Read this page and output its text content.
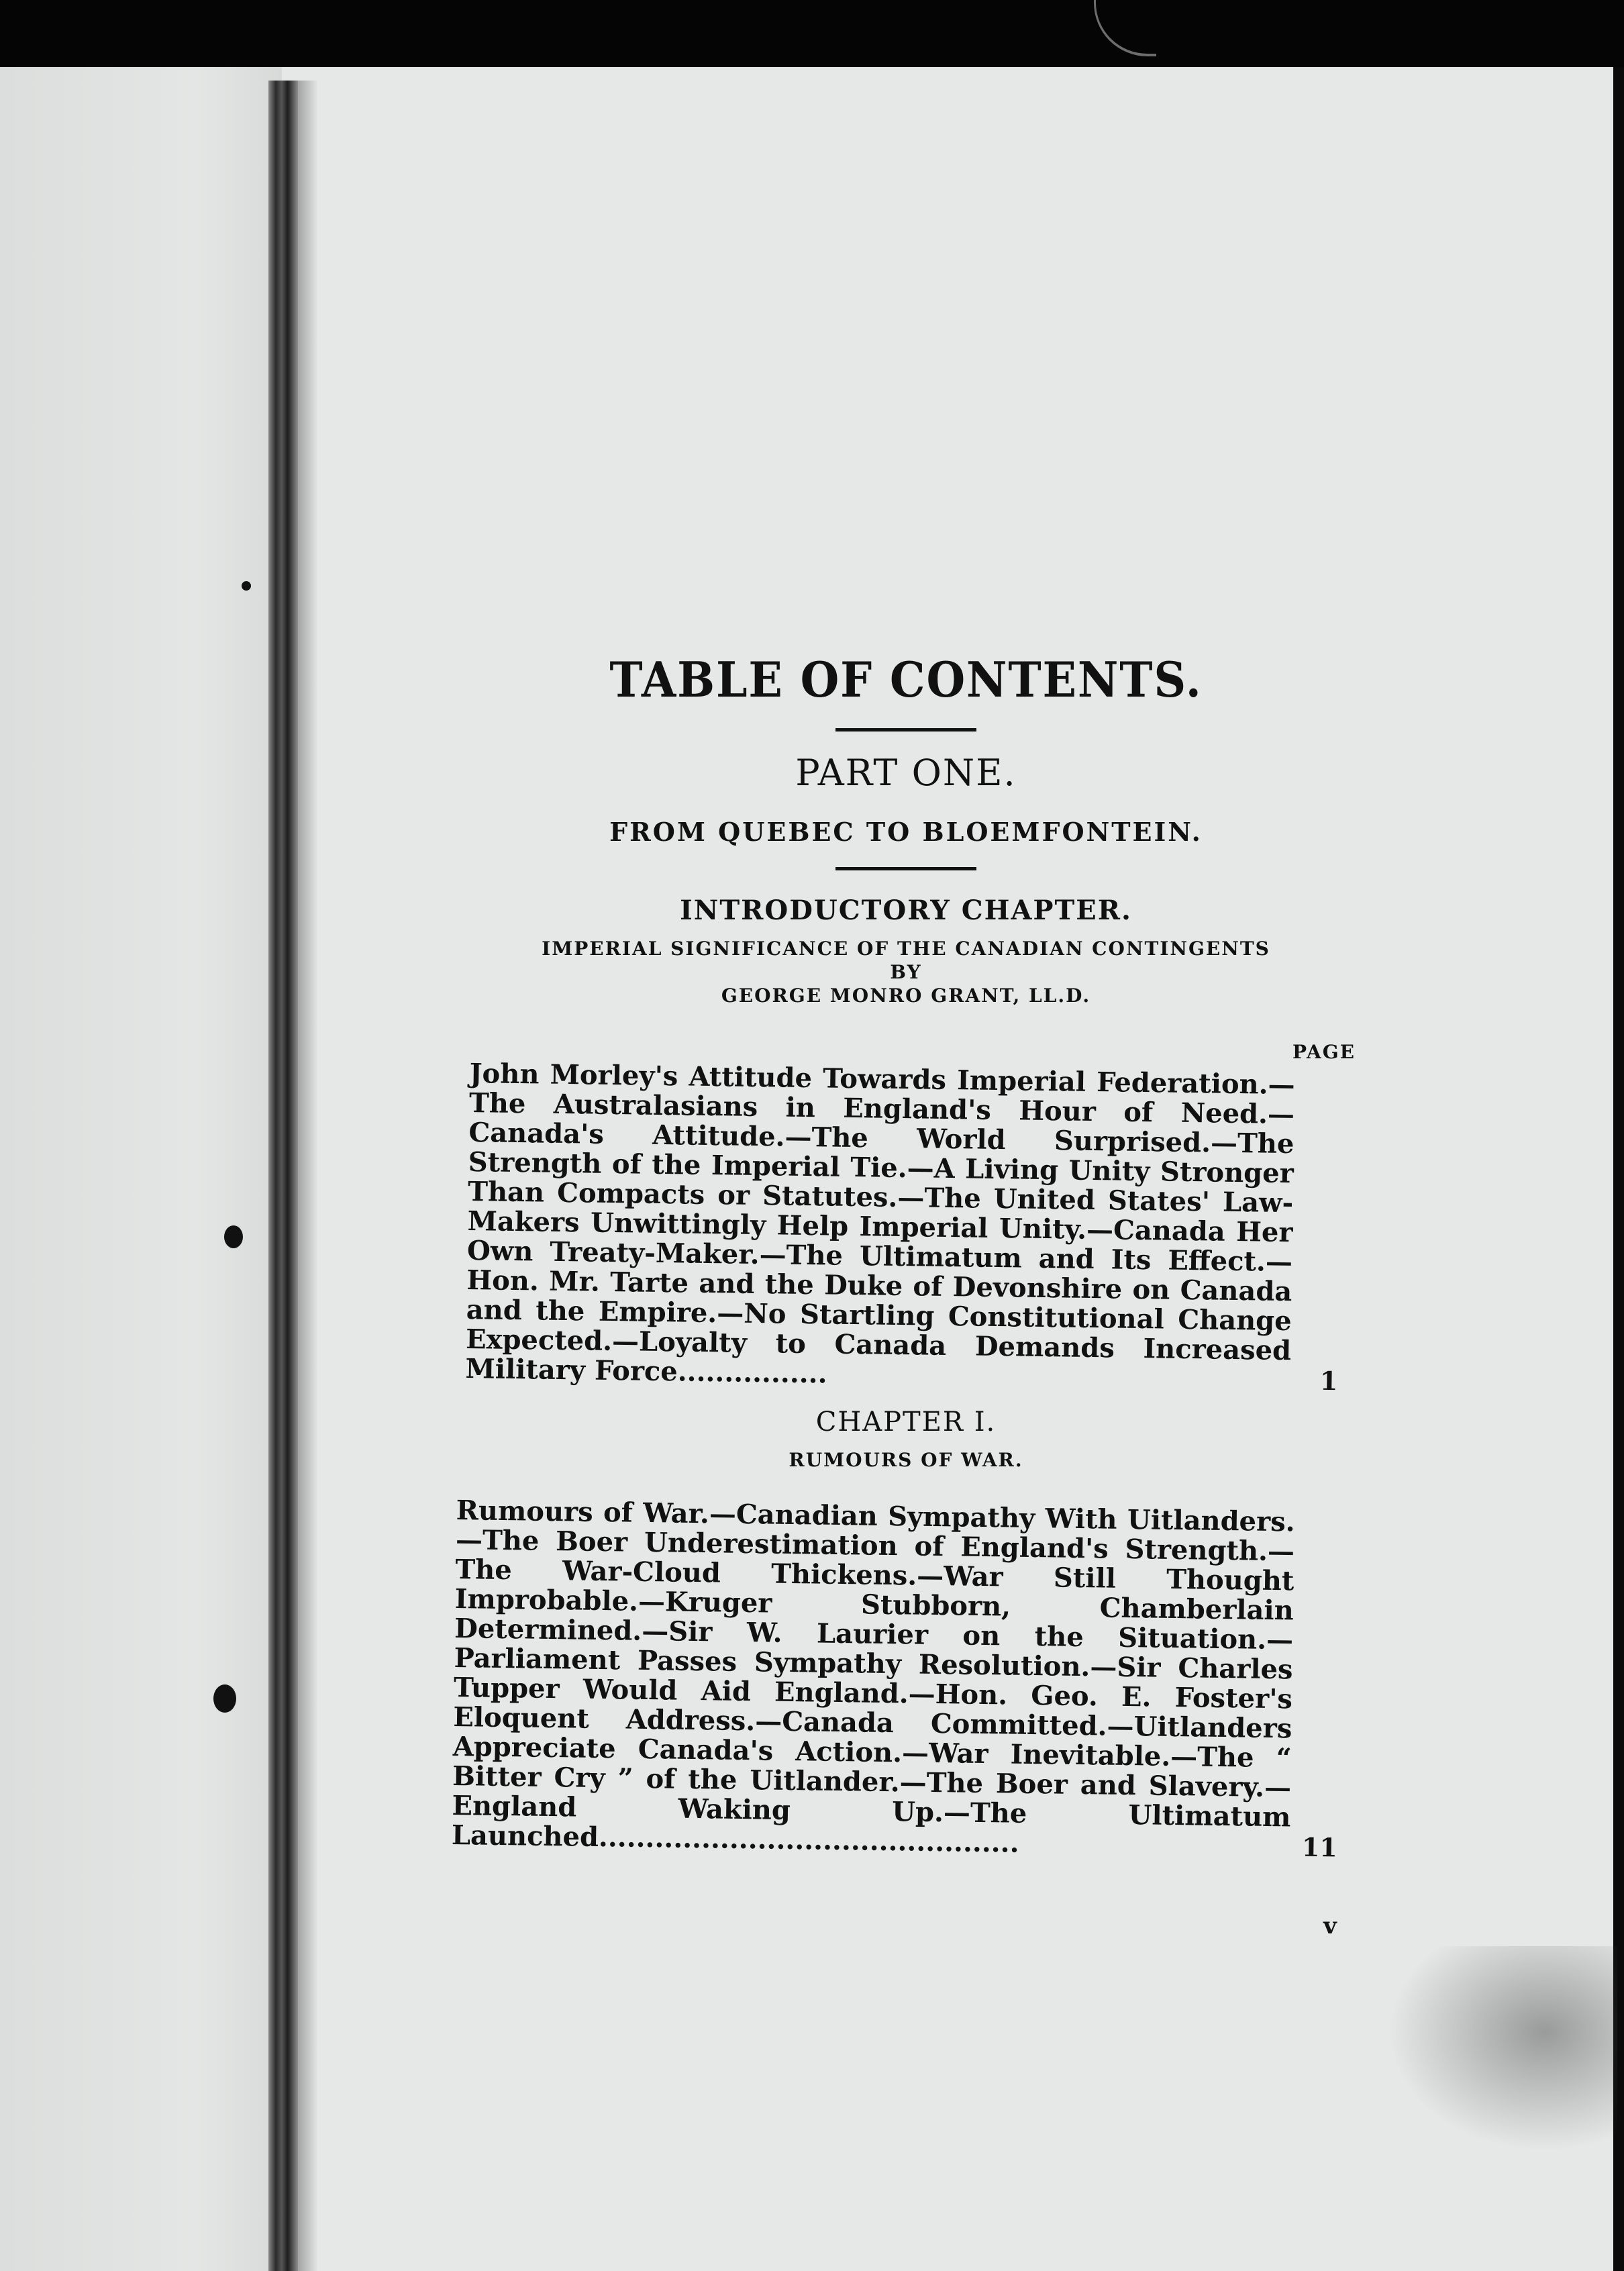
TABLE OF CONTENTS.
PART ONE.
FROM QUEBEC TO BLOEMFONTEIN.
INTRODUCTORY CHAPTER.
IMPERIAL SIGNIFICANCE OF THE CANADIAN CONTINGENTS
BY
GEORGE MONRO GRANT, LL.D.
PAGE
John Morley's Attitude Towards Imperial Federation.—The Australasians in England's Hour of Need.—Canada's Attitude.—The World Surprised.—The Strength of the Imperial Tie.—A Living Unity Stronger Than Compacts or Statutes.—The United States' Law-Makers Unwittingly Help Imperial Unity.—Canada Her Own Treaty-Maker.—The Ultimatum and Its Effect.—Hon. Mr. Tarte and the Duke of Devonshire on Canada and the Empire.—No Startling Constitutional Change Expected.—Loyalty to Canada Demands Increased Military Force................	1
CHAPTER I.
RUMOURS OF WAR.
Rumours of War.—Canadian Sympathy With Uitlanders.—The Boer Underestimation of England's Strength.—The War-Cloud Thickens.—War Still Thought Improbable.—Kruger Stubborn, Chamberlain Determined.—Sir W. Laurier on the Situation.—Parliament Passes Sympathy Resolution.—Sir Charles Tupper Would Aid England.—Hon. Geo. E. Foster's Eloquent Address.—Canada Committed.—Uitlanders Appreciate Canada's Action.—War Inevitable.—The “ Bitter Cry ” of the Uitlander.—The Boer and Slavery.—England Waking Up.—The Ultimatum Launched.............................................	11
v
